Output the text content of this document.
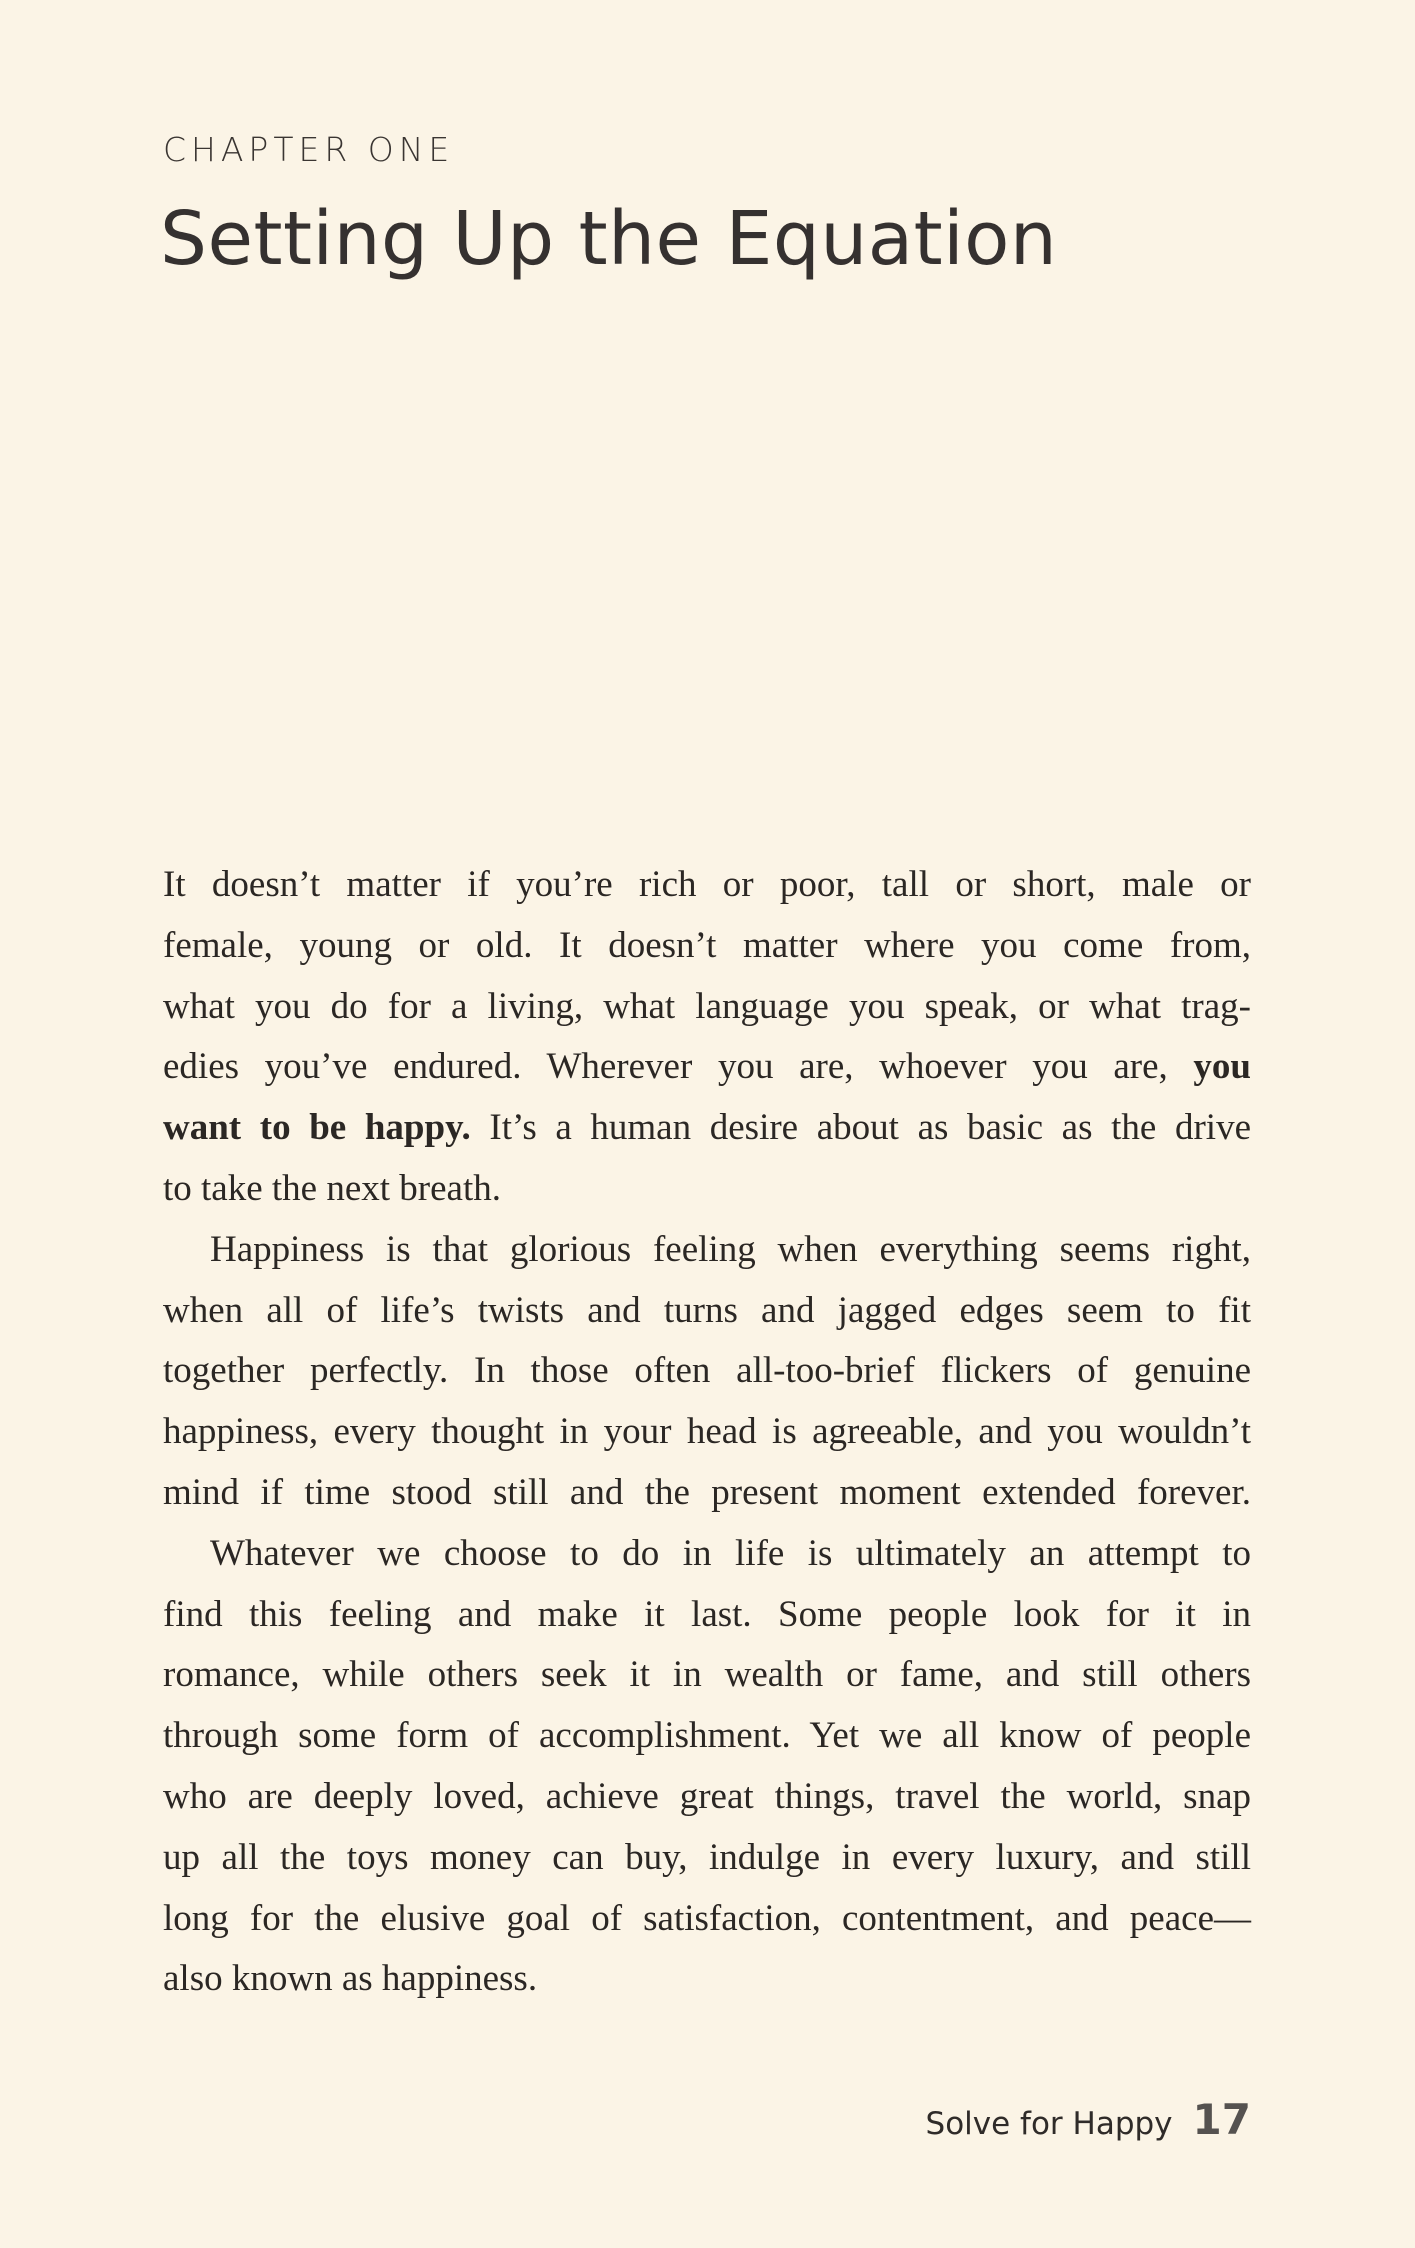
CHAPTER ONE
Setting Up the Equation
It doesn’t matter if you’re rich or poor, tall or short, male or
female, young or old. It doesn’t matter where you come from,
what you do for a living, what language you speak, or what trag-
edies you’ve endured. Wherever you are, whoever you are, you
want to be happy. It’s a human desire about as basic as the drive
to take the next breath.
Happiness is that glorious feeling when everything seems right,
when all of life’s twists and turns and jagged edges seem to fit
together perfectly. In those often all-too-brief flickers of genuine
happiness, every thought in your head is agreeable, and you wouldn’t
mind if time stood still and the present moment extended forever.
Whatever we choose to do in life is ultimately an attempt to
find this feeling and make it last. Some people look for it in
romance, while others seek it in wealth or fame, and still others
through some form of accomplishment. Yet we all know of people
who are deeply loved, achieve great things, travel the world, snap
up all the toys money can buy, indulge in every luxury, and still
long for the elusive goal of satisfaction, contentment, and peace—
also known as happiness.
Solve for Happy 17
